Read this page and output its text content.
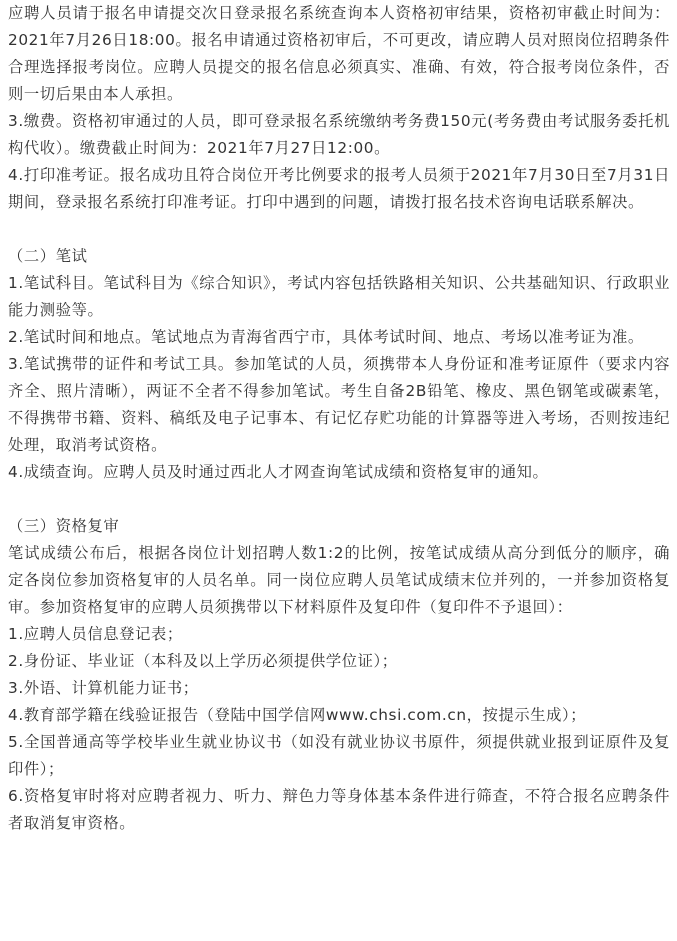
应聘人员请于报名申请提交次日登录报名系统查询本人资格初审结果，资格初审截止时间为：2021年7月26日18:00。报名申请通过资格初审后，不可更改，请应聘人员对照岗位招聘条件合理选择报考岗位。应聘人员提交的报名信息必须真实、准确、有效，符合报考岗位条件，否则一切后果由本人承担。

3.缴费。资格初审通过的人员，即可登录报名系统缴纳考务费150元(考务费由考试服务委托机构代收）。缴费截止时间为：2021年7月27日12:00。

4.打印准考证。报名成功且符合岗位开考比例要求的报考人员须于2021年7月30日至7月31日期间，登录报名系统打印准考证。打印中遇到的问题，请拨打报名技术咨询电话联系解决。

（二）笔试

1.笔试科目。笔试科目为《综合知识》，考试内容包括铁路相关知识、公共基础知识、行政职业能力测验等。

2.笔试时间和地点。笔试地点为青海省西宁市，具体考试时间、地点、考场以准考证为准。

3.笔试携带的证件和考试工具。参加笔试的人员，须携带本人身份证和准考证原件（要求内容齐全、照片清晰），两证不全者不得参加笔试。考生自备2B铅笔、橡皮、黑色钢笔或碳素笔，不得携带书籍、资料、稿纸及电子记事本、有记忆存贮功能的计算器等进入考场，否则按违纪处理，取消考试资格。

4.成绩查询。应聘人员及时通过西北人才网查询笔试成绩和资格复审的通知。

（三）资格复审

笔试成绩公布后，根据各岗位计划招聘人数1:2的比例，按笔试成绩从高分到低分的顺序，确定各岗位参加资格复审的人员名单。同一岗位应聘人员笔试成绩末位并列的，一并参加资格复审。参加资格复审的应聘人员须携带以下材料原件及复印件（复印件不予退回）：

1.应聘人员信息登记表；

2.身份证、毕业证（本科及以上学历必须提供学位证）；

3.外语、计算机能力证书；

4.教育部学籍在线验证报告（登陆中国学信网www.chsi.com.cn，按提示生成）；

5.全国普通高等学校毕业生就业协议书（如没有就业协议书原件，须提供就业报到证原件及复印件）；

6.资格复审时将对应聘者视力、听力、辩色力等身体基本条件进行筛查，不符合报名应聘条件者取消复审资格。
